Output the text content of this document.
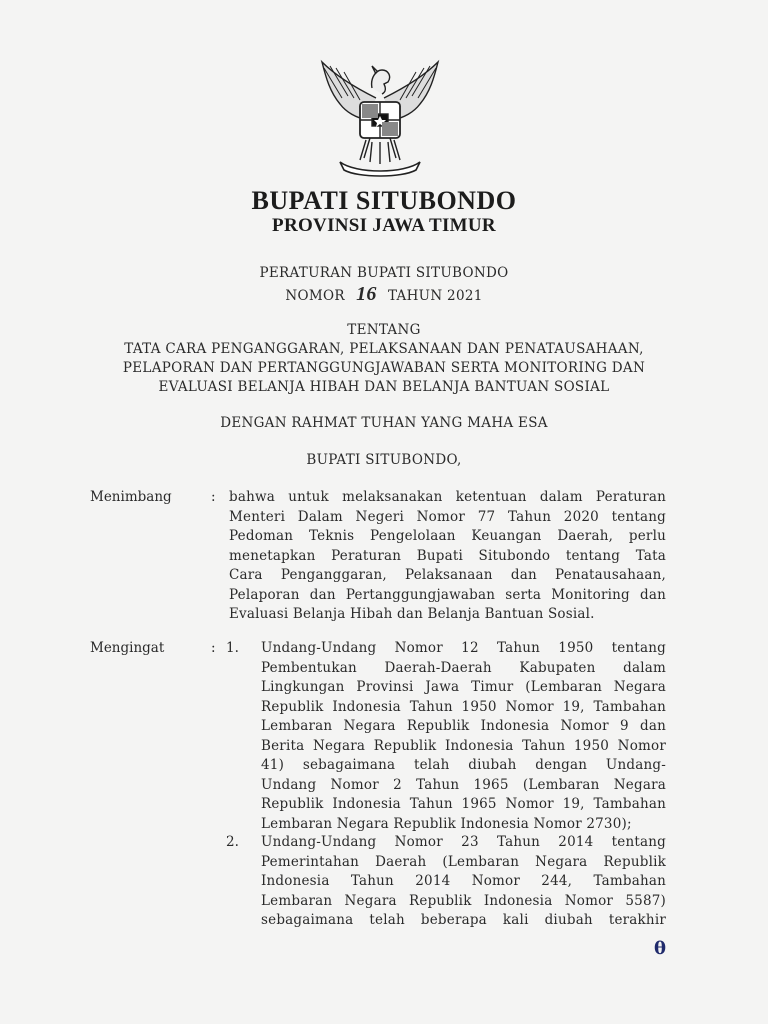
BUPATI SITUBONDO
PROVINSI JAWA TIMUR
PERATURAN BUPATI SITUBONDO
NOMOR 16 TAHUN 2021
TENTANG
TATA CARA PENGANGGARAN, PELAKSANAAN DAN PENATAUSAHAAN,
PELAPORAN DAN PERTANGGUNGJAWABAN SERTA MONITORING DAN
EVALUASI BELANJA HIBAH DAN BELANJA BANTUAN SOSIAL
DENGAN RAHMAT TUHAN YANG MAHA ESA
BUPATI SITUBONDO,
Menimbang	: bahwa untuk melaksanakan ketentuan dalam Peraturan
Menteri Dalam Negeri Nomor 77 Tahun 2020 tentang
Pedoman Teknis Pengelolaan Keuangan Daerah, perlu
menetapkan Peraturan Bupati Situbondo tentang Tata
Cara Penganggaran, Pelaksanaan dan Penatausahaan,
Pelaporan dan Pertanggungjawaban serta Monitoring dan
Evaluasi Belanja Hibah dan Belanja Bantuan Sosial.
Mengingat	: 1. Undang-Undang Nomor 12 Tahun 1950 tentang
Pembentukan Daerah-Daerah Kabupaten dalam
Lingkungan Provinsi Jawa Timur (Lembaran Negara
Republik Indonesia Tahun 1950 Nomor 19, Tambahan
Lembaran Negara Republik Indonesia Nomor 9 dan
Berita Negara Republik Indonesia Tahun 1950 Nomor
41) sebagaimana telah diubah dengan Undang-
Undang Nomor 2 Tahun 1965 (Lembaran Negara
Republik Indonesia Tahun 1965 Nomor 19, Tambahan
Lembaran Negara Republik Indonesia Nomor 2730);
2. Undang-Undang Nomor 23 Tahun 2014 tentang
Pemerintahan Daerah (Lembaran Negara Republik
Indonesia Tahun 2014 Nomor 244, Tambahan
Lembaran Negara Republik Indonesia Nomor 5587)
sebagaimana telah beberapa kali diubah terakhir
θ
